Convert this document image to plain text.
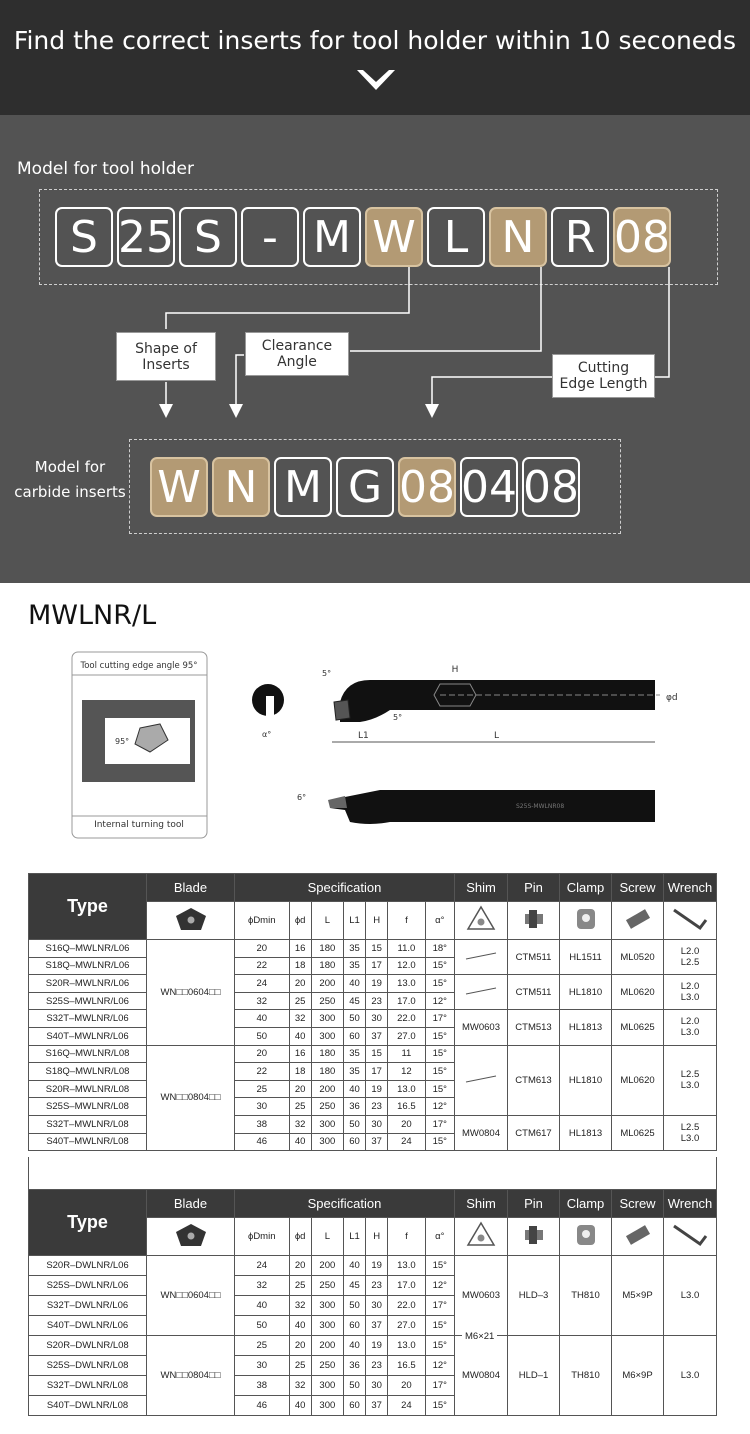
Find the correct inserts for tool holder within 10 seconeds
Model for tool holder
S 25 S - M W L N R 08
Shape of
Inserts
Clearance
Angle	Cutting
Edge Length
Model for
carbide inserts W N M G 08 04 08
MWLNR/L
Tool cutting edge angle 95°
95°
Internal turning tool
α°
H
φd
L1	L
5°
5°
6°
S25S-MWLNR08
Type	Blade	Specification							Shim	Pin	Clamp	Screw	Wrench
	ϕDmin	ϕd	L	L1	H	f	α°					
S16Q–MWLNR/L06	WN□□0604□□	20	16	180	35	15	11.0	18°		CTM511	HL1511	ML0520	L2.0
L2.5
S18Q–MWLNR/L06		22	18	180	35	17	12.0	15°					
S20R–MWLNR/L06		24	20	200	40	19	13.0	15°		CTM511	HL1810	ML0620	L2.0
L3.0
S25S–MWLNR/L06		32	25	250	45	23	17.0	12°					
S32T–MWLNR/L06		40	32	300	50	30	22.0	17°	MW0603	CTM513	HL1813	ML0625	L2.0
L3.0
S40T–MWLNR/L06		50	40	300	60	37	27.0	15°					
S16Q–MWLNR/L08	WN□□0804□□	20	16	180	35	15	11	15°		CTM613	HL1810	ML0620	L2.5
L3.0
S18Q–MWLNR/L08		22	18	180	35	17	12	15°					
S20R–MWLNR/L08		25	20	200	40	19	13.0	15°					
S25S–MWLNR/L08		30	25	250	36	23	16.5	12°					
S32T–MWLNR/L08		38	32	300	50	30	20	17°	MW0804	CTM617	HL1813	ML0625	L2.5
L3.0
S40T–MWLNR/L08		46	40	300	60	37	24	15°					
Type	Blade	Specification							Shim	Pin	Clamp	Screw	Wrench
	ϕDmin	ϕd	L	L1	H	f	α°					
S20R–DWLNR/L06	WN□□0604□□	24	20	200	40	19	13.0	15°	MW0603	HLD–3	TH810	M5×9P	L3.0
S25S–DWLNR/L06		32	25	250	45	23	17.0	12°					
S32T–DWLNR/L06		40	32	300	50	30	22.0	17°					
S40T–DWLNR/L06		50	40	300	60	37	27.0	15°					
S20R–DWLNR/L08	WN□□0804□□	25	20	200	40	19	13.0	15°	MW0804	HLD–1	TH810	M6×9P	L3.0
S25S–DWLNR/L08		30	25	250	36	23	16.5	12°					
S32T–DWLNR/L08		38	32	300	50	30	20	17°					
S40T–DWLNR/L08		46	40	300	60	37	24	15°					
M6×21
